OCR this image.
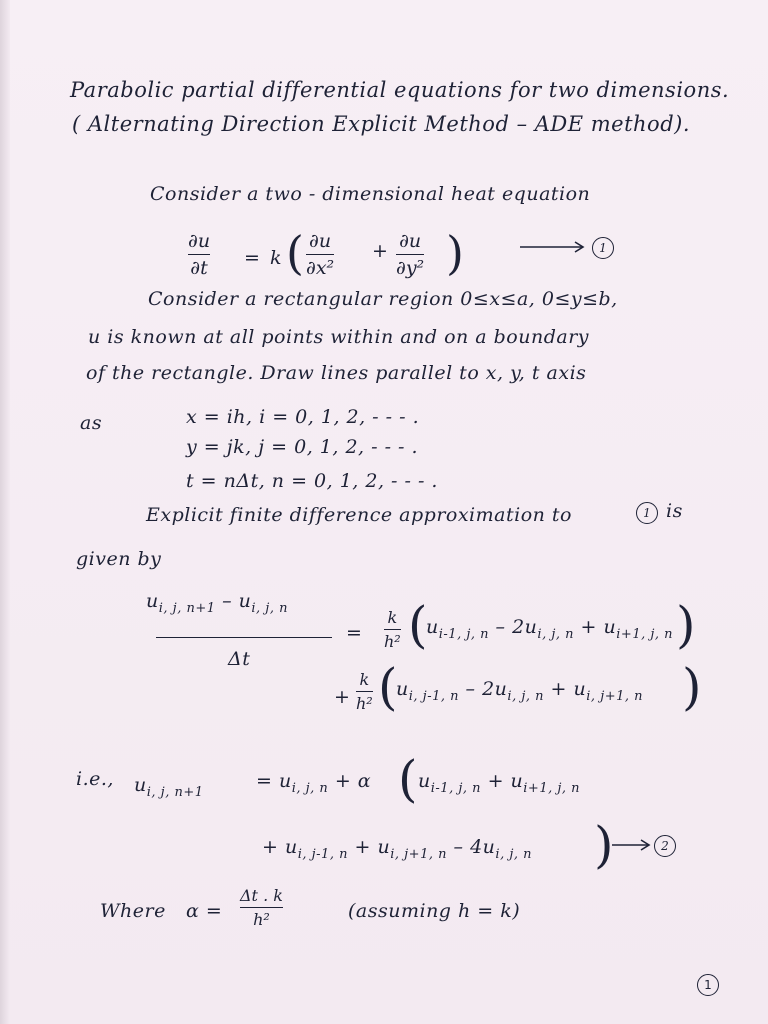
Parabolic partial differential equations for two dimensions.
( Alternating Direction Explicit Method – ADE method).
Consider a two - dimensional heat equation
∂u
∂t = k ( ∂u
∂x²
+ ∂u
∂y² )	1
Consider a rectangular region 0≤x≤a, 0≤y≤b,
u is known at all points within and on a boundary
of the rectangle. Draw lines parallel to x, y, t axis
as	x = ih, i = 0, 1, 2, - - - .
y = jk, j = 0, 1, 2, - - - .
t = nΔt, n = 0, 1, 2, - - - .
Explicit finite difference approximation to	1 is
given by
$u_{i, j, n+1} - u_{i, j, n}$
Δt
=
k
h² (
$u_{i-1, j, n} - 2u_{i, j, n} + u_{i+1, j, n}$ )
+
k
h² (
$u_{i, j-1, n} - 2u_{i, j, n} + u_{i, j+1, n}$ )
i.e., $u_{i, j, n+1}$
= $u_{i, j, n} + \alpha$ ( $u_{i-1, j, n} + u_{i+1, j, n}$
+ $u_{i, j-1, n} + u_{i, j+1, n} - 4u_{i, j, n}$ )	2
Where α =
Δt . k
h²	(assuming h = k)
1
